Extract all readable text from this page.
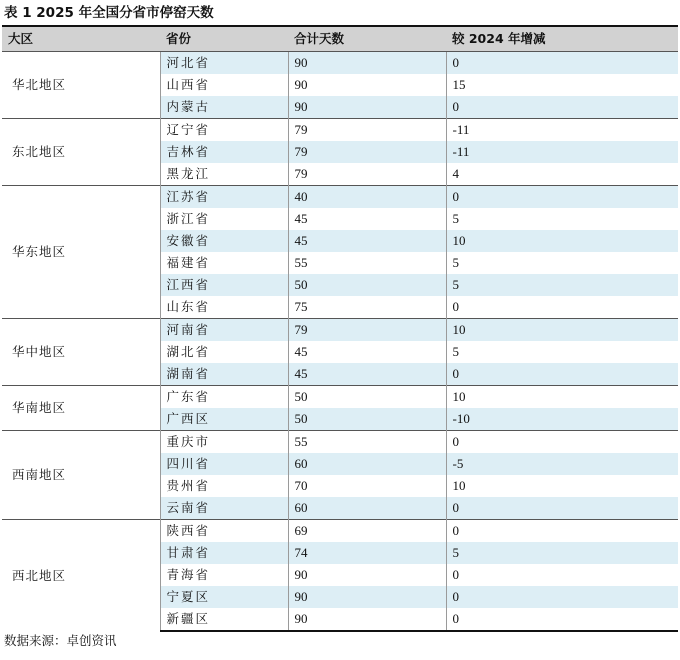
表 1 2025 年全国分省市停窑天数
大区	省份	合计天数	较 2024 年增减
华北地区	河北省	90	0
	山西省	90	15
	内蒙古	90	0
东北地区	辽宁省	79	-11
	吉林省	79	-11
	黑龙江	79	4
华东地区	江苏省	40	0
	浙江省	45	5
	安徽省	45	10
	福建省	55	5
	江西省	50	5
	山东省	75	0
华中地区	河南省	79	10
	湖北省	45	5
	湖南省	45	0
华南地区	广东省	50	10
	广西区	50	-10
西南地区	重庆市	55	0
	四川省	60	-5
	贵州省	70	10
	云南省	60	0
西北地区	陕西省	69	0
	甘肃省	74	5
	青海省	90	0
	宁夏区	90	0
	新疆区	90	0
数据来源：卓创资讯
